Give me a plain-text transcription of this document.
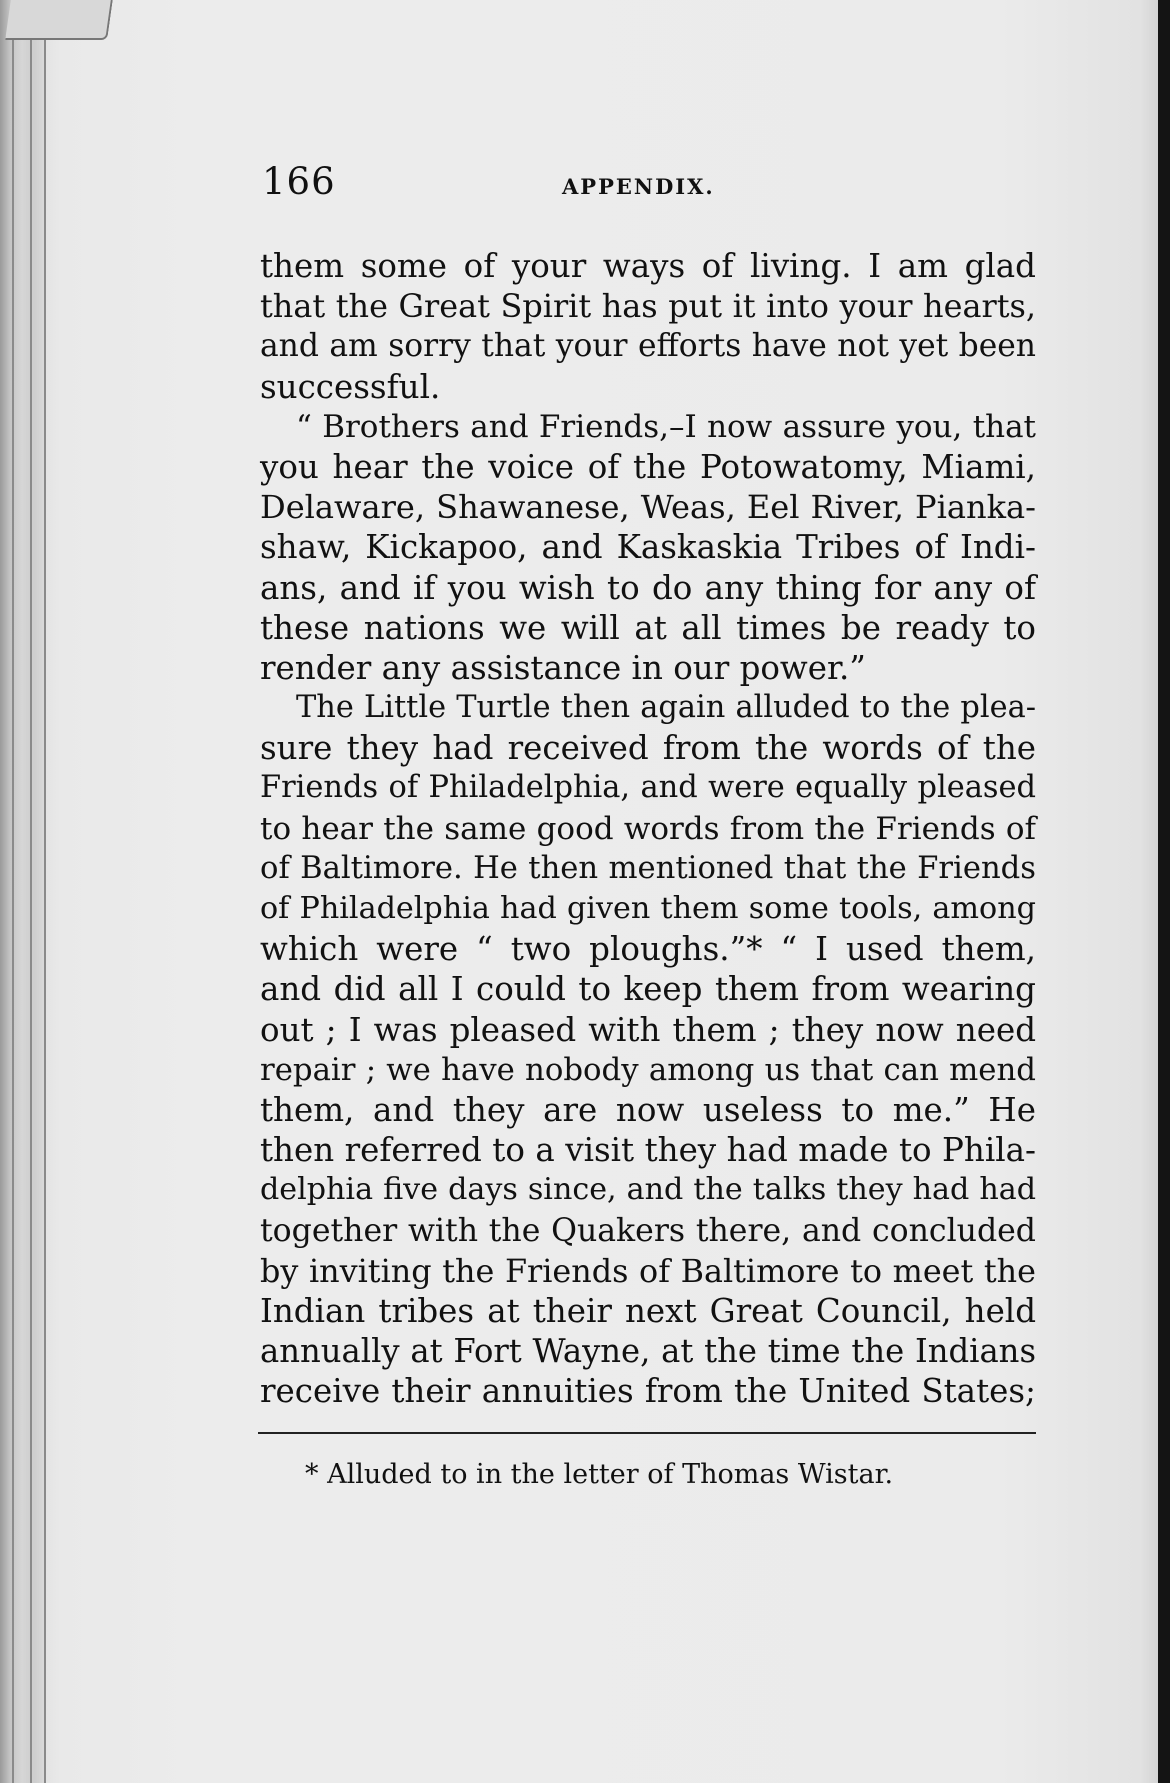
166	APPENDIX.
them some of your ways of living. I am glad
that the Great Spirit has put it into your hearts,
and am sorry that your efforts have not yet been
successful.
“ Brothers and Friends,–I now assure you, that
you hear the voice of the Potowatomy, Miami,
Delaware, Shawanese, Weas, Eel River, Pianka-
shaw, Kickapoo, and Kaskaskia Tribes of Indi-
ans, and if you wish to do any thing for any of
these nations we will at all times be ready to
render any assistance in our power.”
The Little Turtle then again alluded to the plea-
sure they had received from the words of the
Friends of Philadelphia, and were equally pleased
to hear the same good words from the Friends of
of Baltimore. He then mentioned that the Friends
of Philadelphia had given them some tools, among
which were “ two ploughs.”* “ I used them,
and did all I could to keep them from wearing
out ; I was pleased with them ; they now need
repair ; we have nobody among us that can mend
them, and they are now useless to me.” He
then referred to a visit they had made to Phila-
delphia five days since, and the talks they had had
together with the Quakers there, and concluded
by inviting the Friends of Baltimore to meet the
Indian tribes at their next Great Council, held
annually at Fort Wayne, at the time the Indians
receive their annuities from the United States;
* Alluded to in the letter of Thomas Wistar.
